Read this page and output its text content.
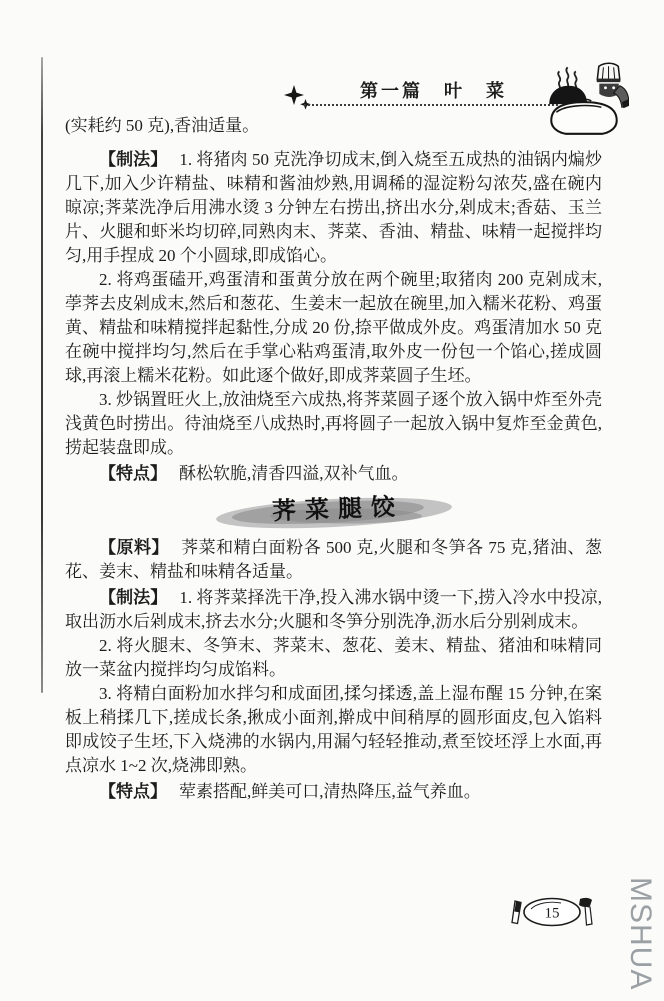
第一篇　叶　菜

(实耗约 50 克),香油适量。

【制法】 1. 将猪肉 50 克洗净切成末,倒入烧至五成热的油锅内煸炒几下,加入少许精盐、味精和酱油炒熟,用调稀的湿淀粉勾浓芡,盛在碗内晾凉;荠菜洗净后用沸水烫 3 分钟左右捞出,挤出水分,剁成末;香菇、玉兰片、火腿和虾米均切碎,同熟肉末、荠菜、香油、精盐、味精一起搅拌均匀,用手捏成 20 个小圆球,即成馅心。

2. 将鸡蛋磕开,鸡蛋清和蛋黄分放在两个碗里;取猪肉 200 克剁成末,荸荠去皮剁成末,然后和葱花、生姜末一起放在碗里,加入糯米花粉、鸡蛋黄、精盐和味精搅拌起黏性,分成 20 份,捺平做成外皮。鸡蛋清加水 50 克在碗中搅拌均匀,然后在手掌心粘鸡蛋清,取外皮一份包一个馅心,搓成圆球,再滚上糯米花粉。如此逐个做好,即成荠菜圆子生坯。

3. 炒锅置旺火上,放油烧至六成热,将荠菜圆子逐个放入锅中炸至外壳浅黄色时捞出。待油烧至八成热时,再将圆子一起放入锅中复炸至金黄色,捞起装盘即成。

【特点】 酥松软脆,清香四溢,双补气血。

荠菜腿饺

【原料】 荠菜和精白面粉各 500 克,火腿和冬笋各 75 克,猪油、葱花、姜末、精盐和味精各适量。

【制法】 1. 将荠菜择洗干净,投入沸水锅中烫一下,捞入冷水中投凉,取出沥水后剁成末,挤去水分;火腿和冬笋分别洗净,沥水后分别剁成末。

2. 将火腿末、冬笋末、荠菜末、葱花、姜末、精盐、猪油和味精同放一菜盆内搅拌均匀成馅料。

3. 将精白面粉加水拌匀和成面团,揉匀揉透,盖上湿布醒 15 分钟,在案板上稍揉几下,搓成长条,揪成小面剂,擀成中间稍厚的圆形面皮,包入馅料即成饺子生坯,下入烧沸的水锅内,用漏勺轻轻推动,煮至饺坯浮上水面,再点凉水 1~2 次,烧沸即熟。

【特点】 荤素搭配,鲜美可口,清热降压,益气养血。

15 MSHUA
